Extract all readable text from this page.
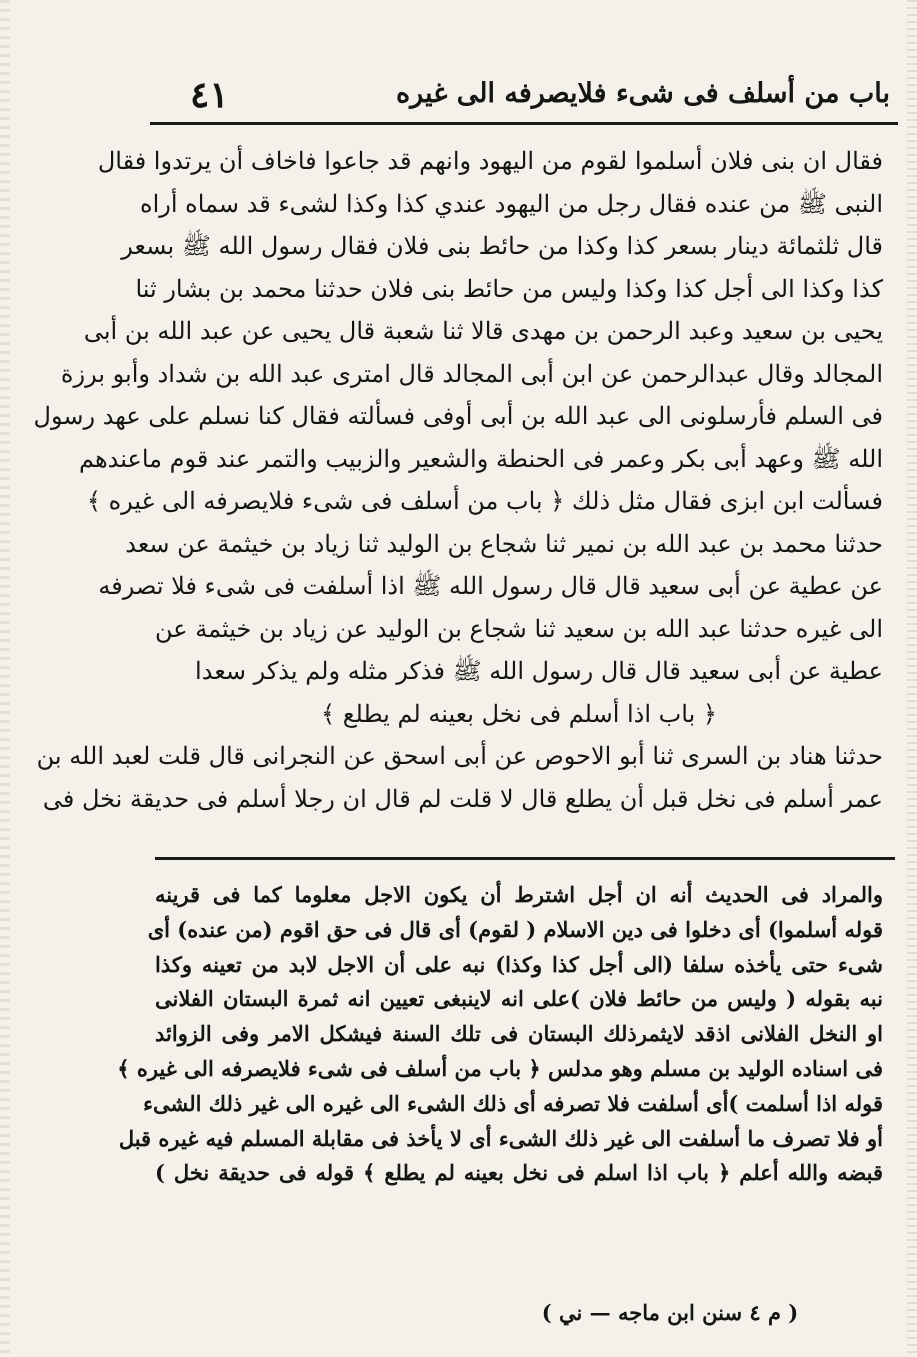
باب من أسلف فى شىء فلايصرفه الى غيره
٤١
فقال ان بنى فلان أسلموا لقوم من اليهود وانهم قد جاعوا فاخاف أن يرتدوا فقال
النبى ﷺ من عنده فقال رجل من اليهود عندي كذا وكذا لشىء قد سماه أراه
قال ثلثمائة دينار بسعر كذا وكذا من حائط بنى فلان فقال رسول الله ﷺ بسعر
كذا وكذا الى أجل كذا وكذا وليس من حائط بنى فلان حدثنا محمد بن بشار ثنا
يحيى بن سعيد وعبد الرحمن بن مهدى قالا ثنا شعبة قال يحيى عن عبد الله بن أبى
المجالد وقال عبدالرحمن عن ابن أبى المجالد قال امترى عبد الله بن شداد وأبو برزة
فى السلم فأرسلونى الى عبد الله بن أبى أوفى فسألته فقال كنا نسلم على عهد رسول
الله ﷺ وعهد أبى بكر وعمر فى الحنطة والشعير والزبيب والتمر عند قوم ماعندهم
فسألت ابن ابزى فقال مثل ذلك ﴿ باب من أسلف فى شىء فلايصرفه الى غيره ﴾
حدثنا محمد بن عبد الله بن نمير ثنا شجاع بن الوليد ثنا زياد بن خيثمة عن سعد
عن عطية عن أبى سعيد قال قال رسول الله ﷺ اذا أسلفت فى شىء فلا تصرفه
الى غيره حدثنا عبد الله بن سعيد ثنا شجاع بن الوليد عن زياد بن خيثمة عن
عطية عن أبى سعيد قال قال رسول الله ﷺ فذكر مثله ولم يذكر سعدا
﴿ باب اذا أسلم فى نخل بعينه لم يطلع ﴾
حدثنا هناد بن السرى ثنا أبو الاحوص عن أبى اسحق عن النجرانى قال قلت لعبد الله بن
عمر أسلم فى نخل قبل أن يطلع قال لا قلت لم قال ان رجلا أسلم فى حديقة نخل فى
والمراد فى الحديث أنه ان أجل اشترط أن يكون الاجل معلوما كما فى قرينه
قوله أسلموا) أى دخلوا فى دين الاسلام ( لقوم) أى قال فى حق اقوم (من عنده) أى
شىء حتى يأخذه سلفا (الى أجل كذا وكذا) نبه على أن الاجل لابد من تعينه وكذا
نبه بقوله ( وليس من حائط فلان )على انه لاينبغى تعيين انه ثمرة البستان الفلانى
او النخل الفلانى اذقد لايثمرذلك البستان فى تلك السنة فيشكل الامر وفى الزوائد
فى اسناده الوليد بن مسلم وهو مدلس ﴿ باب من أسلف فى شىء فلايصرفه الى غيره ﴾
قوله اذا أسلمت )أى أسلفت فلا تصرفه أى ذلك الشىء الى غيره الى غير ذلك الشىء
أو فلا تصرف ما أسلفت الى غير ذلك الشىء أى لا يأخذ فى مقابلة المسلم فيه غيره قبل
قبضه والله أعلم ﴿ باب اذا اسلم فى نخل بعينه لم يطلع ﴾ قوله فى حديقة نخل )
( م ٤ سنن ابن ماجه — ني )
